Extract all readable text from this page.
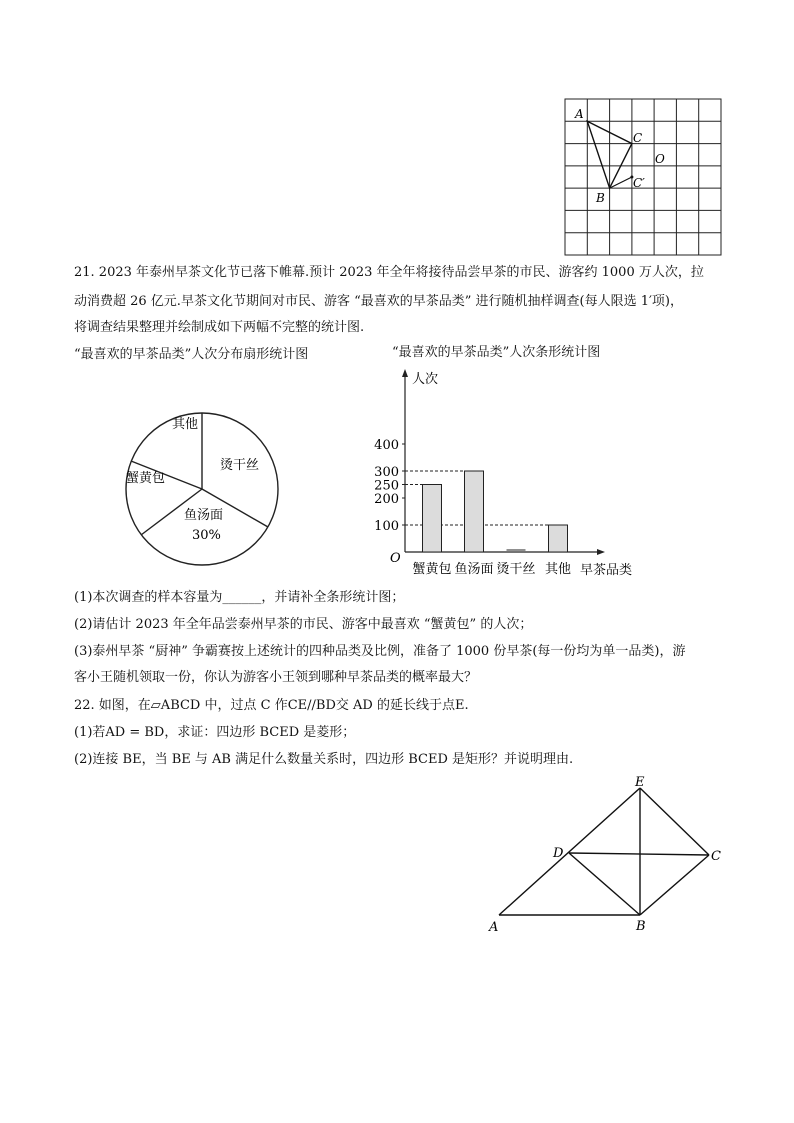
A
C
O
C′
B
21. 2023 年泰州早茶文化节已落下帷幕.预计 2023 年全年将接待品尝早茶的市民、游客约 1000 万人次，拉
动消费超 26 亿元.早茶文化节期间对市民、游客 “最喜欢的早茶品类” 进行随机抽样调查(每人限选 1′项)，
将调查结果整理并绘制成如下两幅不完整的统计图.
“最喜欢的早茶品类”人次分布扇形统计图	“最喜欢的早茶品类”人次条形统计图
其他
烫干丝
鱼汤面
30%
蟹黄包
人次
O
早茶品类
100
200
250
300
400
蟹黄包 鱼汤面 烫干丝 其他
(1)本次调查的样本容量为______，并请补全条形统计图；
(2)请估计 2023 年全年品尝泰州早茶的市民、游客中最喜欢 “蟹黄包” 的人次；
(3)泰州早茶 “厨神” 争霸赛按上述统计的四种品类及比例，准备了 1000 份早茶(每一份均为单一品类)，游
客小王随机领取一份，你认为游客小王领到哪种早茶品类的概率最大？
22. 如图，在▱ABCD 中，过点 C 作CE//BD交 AD 的延长线于点E.
(1)若AD = BD，求证：四边形 BCED 是菱形；
(2)连接 BE，当 BE 与 AB 满足什么数量关系时，四边形 BCED 是矩形？并说明理由.
E
D	C
A	B
